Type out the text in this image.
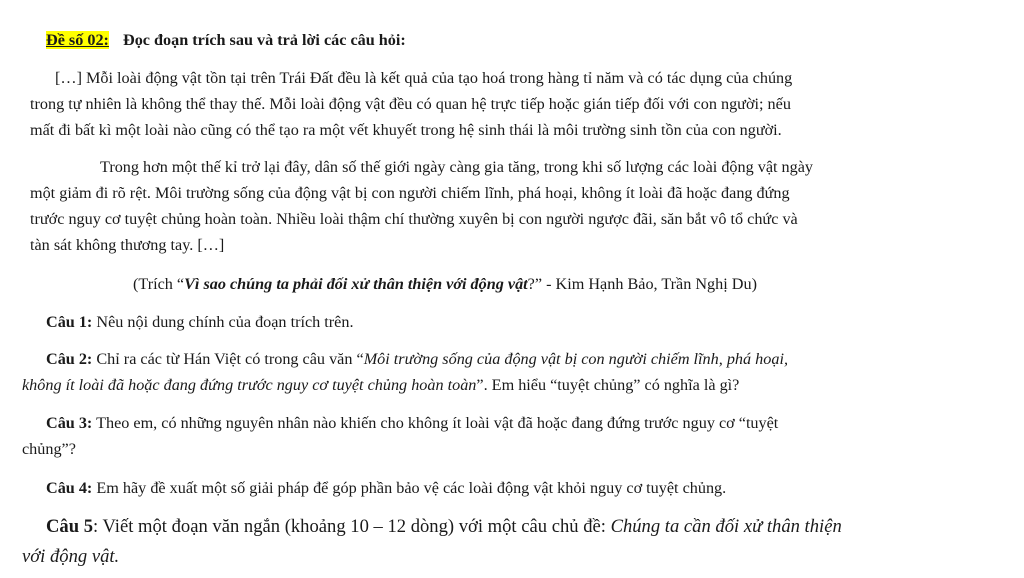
Đề số 02: Đọc đoạn trích sau và trả lời các câu hỏi:
[…] Mỗi loài động vật tồn tại trên Trái Đất đều là kết quả của tạo hoá trong hàng tỉ năm và có tác dụng của chúng
trong tự nhiên là không thể thay thế. Mỗi loài động vật đều có quan hệ trực tiếp hoặc gián tiếp đối với con người; nếu
mất đi bất kì một loài nào cũng có thể tạo ra một vết khuyết trong hệ sinh thái là môi trường sinh tồn của con người.
Trong hơn một thế kỉ trở lại đây, dân số thế giới ngày càng gia tăng, trong khi số lượng các loài động vật ngày
một giảm đi rõ rệt. Môi trường sống của động vật bị con người chiếm lĩnh, phá hoại, không ít loài đã hoặc đang đứng
trước nguy cơ tuyệt chủng hoàn toàn. Nhiều loài thậm chí thường xuyên bị con người ngược đãi, săn bắt vô tổ chức và
tàn sát không thương tay. […]
(Trích “Vì sao chúng ta phải đối xử thân thiện với động vật?” - Kim Hạnh Bảo, Trần Nghị Du)
Câu 1: Nêu nội dung chính của đoạn trích trên.
Câu 2: Chỉ ra các từ Hán Việt có trong câu văn “Môi trường sống của động vật bị con người chiếm lĩnh, phá hoại,
không ít loài đã hoặc đang đứng trước nguy cơ tuyệt chủng hoàn toàn”. Em hiểu “tuyệt chủng” có nghĩa là gì?
Câu 3: Theo em, có những nguyên nhân nào khiến cho không ít loài vật đã hoặc đang đứng trước nguy cơ “tuyệt
chủng”?
Câu 4: Em hãy đề xuất một số giải pháp để góp phần bảo vệ các loài động vật khỏi nguy cơ tuyệt chủng.
Câu 5: Viết một đoạn văn ngắn (khoảng 10 – 12 dòng) với một câu chủ đề: Chúng ta cần đối xử thân thiện
với động vật.
